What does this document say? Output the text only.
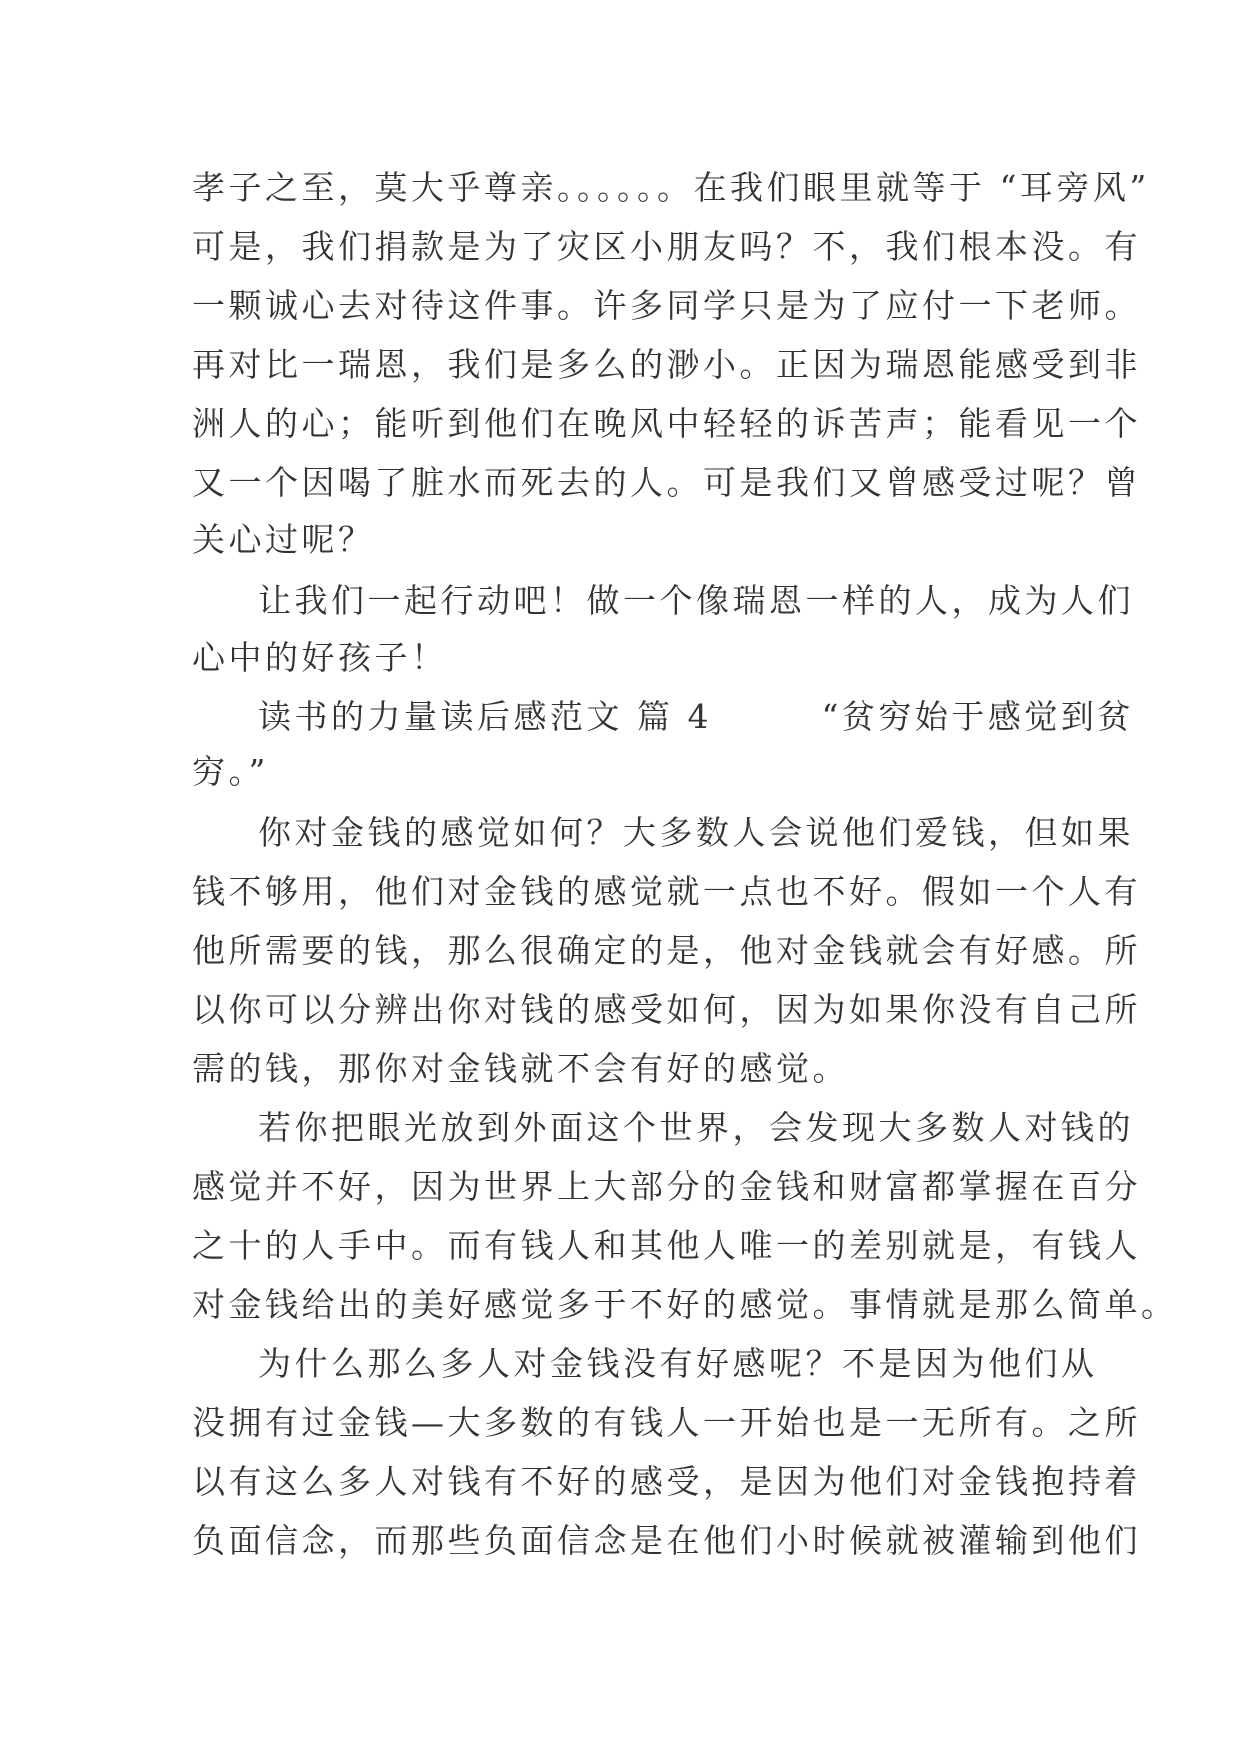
孝子之至，莫大乎尊亲。。。。。。在我们眼里就等于 “耳旁风”
可是，我们捐款是为了灾区小朋友吗？不，我们根本没。有
一颗诚心去对待这件事。许多同学只是为了应付一下老师。
再对比一瑞恩，我们是多么的渺小。正因为瑞恩能感受到非
洲人的心；能听到他们在晚风中轻轻的诉苦声；能看见一个
又一个因喝了脏水而死去的人。可是我们又曾感受过呢？曾
关心过呢？
让我们一起行动吧！做一个像瑞恩一样的人，成为人们
心中的好孩子！
读书的力量读后感范文 篇 4　　　“贫穷始于感觉到贫
穷。”
你对金钱的感觉如何？大多数人会说他们爱钱，但如果
钱不够用，他们对金钱的感觉就一点也不好。假如一个人有
他所需要的钱，那么很确定的是，他对金钱就会有好感。所
以你可以分辨出你对钱的感受如何，因为如果你没有自己所
需的钱，那你对金钱就不会有好的感觉。
若你把眼光放到外面这个世界，会发现大多数人对钱的
感觉并不好，因为世界上大部分的金钱和财富都掌握在百分
之十的人手中。而有钱人和其他人唯一的差别就是，有钱人
对金钱给出的美好感觉多于不好的感觉。事情就是那么简单。
为什么那么多人对金钱没有好感呢？不是因为他们从
没拥有过金钱—大多数的有钱人一开始也是一无所有。之所
以有这么多人对钱有不好的感受，是因为他们对金钱抱持着
负面信念，而那些负面信念是在他们小时候就被灌输到他们
